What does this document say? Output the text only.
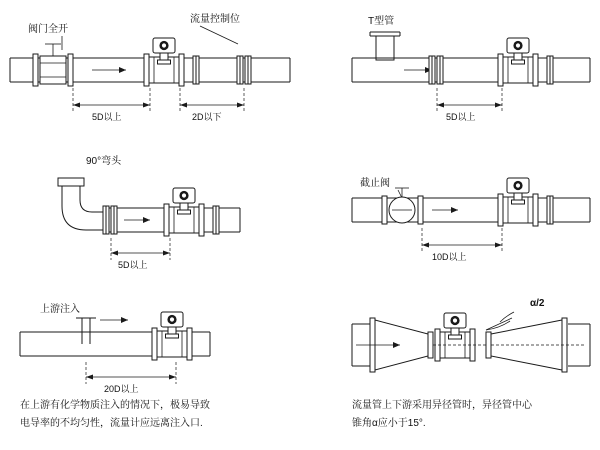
阀门全开
流量控制位
5D以上	2D以下
T型管
5D以上
90°弯头
5D以上
截止阀
10D以上
上游注入
20D以上
α/2
在上游有化学物质注入的情况下，极易导致
电导率的不均匀性，流量计应远离注入口.
流量管上下游采用异径管时，异径管中心
锥角α应小于15°.
